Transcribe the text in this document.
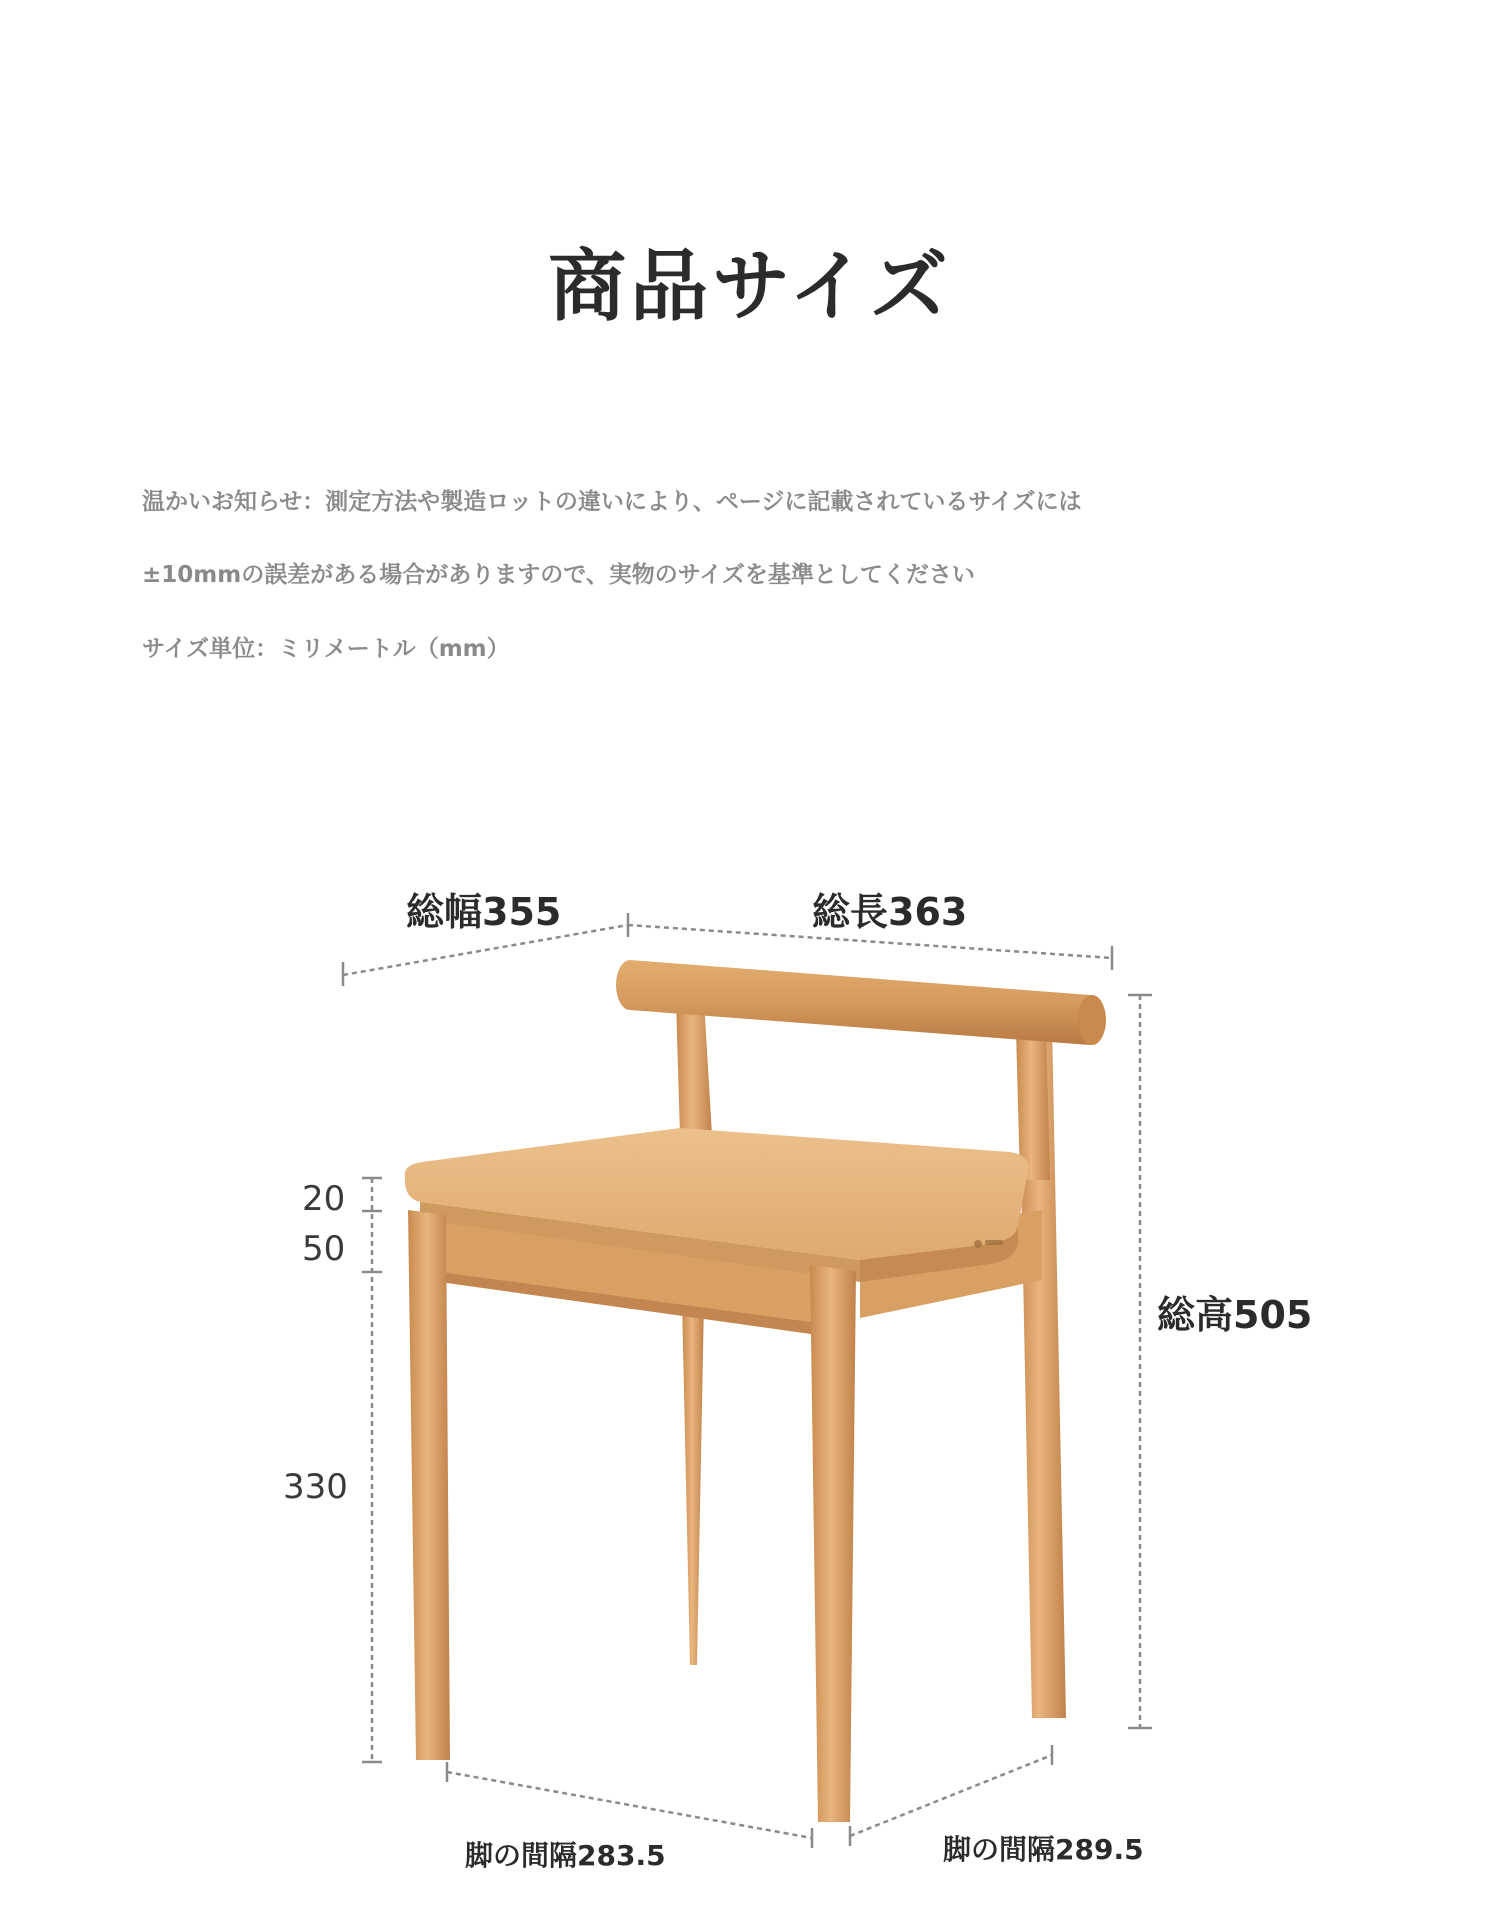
商品サイズ
温かいお知らせ：測定方法や製造ロットの違いにより、ページに記載されているサイズには
±10mmの誤差がある場合がありますので、実物のサイズを基準としてください
サイズ単位：ミリメートル（mm）
総幅355	総長363
総高505
脚の間隔283.5	脚の間隔289.5
20
50
330
